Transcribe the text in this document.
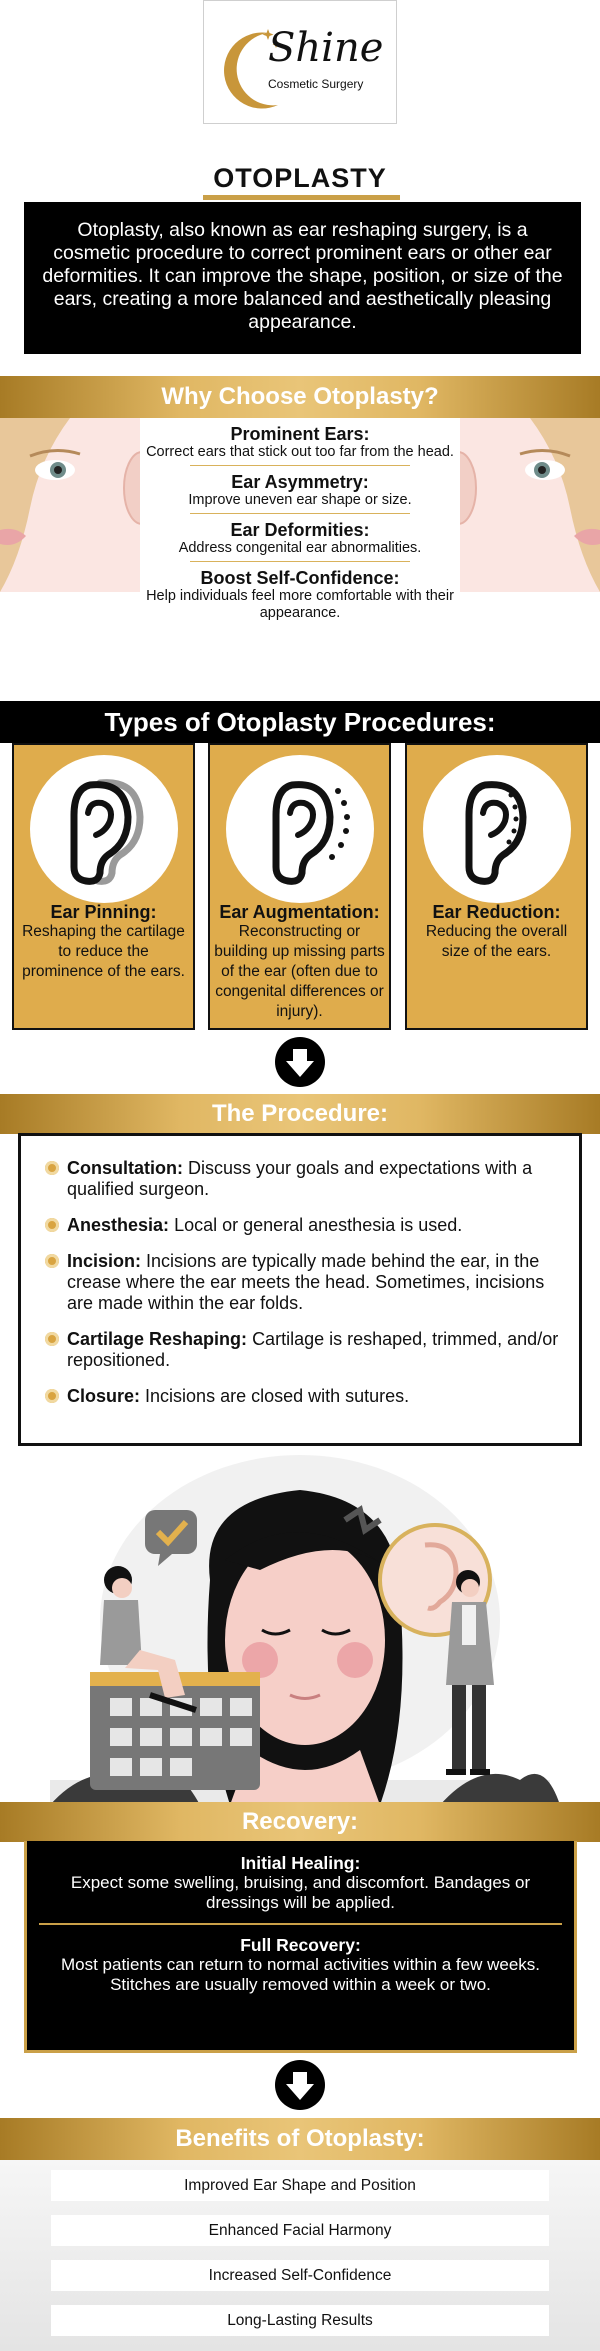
Shine
Cosmetic Surgery
OTOPLASTY
Otoplasty, also known as ear reshaping surgery, is a cosmetic procedure to correct prominent ears or other ear deformities. It can improve the shape, position, or size of the ears, creating a more balanced and aesthetically pleasing appearance.
Why Choose Otoplasty?
Prominent Ears:
Correct ears that stick out too far from the head.
Ear Asymmetry:
Improve uneven ear shape or size.
Ear Deformities:
Address congenital ear abnormalities.
Boost Self-Confidence:
Help individuals feel more comfortable with their appearance.
Types of Otoplasty Procedures:
Ear Pinning:
Reshaping the cartilage to reduce the prominence of the ears.
Ear Augmentation:
Reconstructing or building up missing parts of the ear (often due to congenital differences or injury).
Ear Reduction:
Reducing the overall size of the ears.
The Procedure:
Consultation: Discuss your goals and expectations with a qualified surgeon.
Anesthesia: Local or general anesthesia is used.
Incision: Incisions are typically made behind the ear, in the crease where the ear meets the head. Sometimes, incisions are made within the ear folds.
Cartilage Reshaping: Cartilage is reshaped, trimmed, and/or repositioned.
Closure: Incisions are closed with sutures.
Recovery:
Initial Healing:
Expect some swelling, bruising, and discomfort. Bandages or dressings will be applied.
Full Recovery:
Most patients can return to normal activities within a few weeks. Stitches are usually removed within a week or two.
Benefits of Otoplasty:
Improved Ear Shape and Position
Enhanced Facial Harmony
Increased Self-Confidence
Long-Lasting Results
